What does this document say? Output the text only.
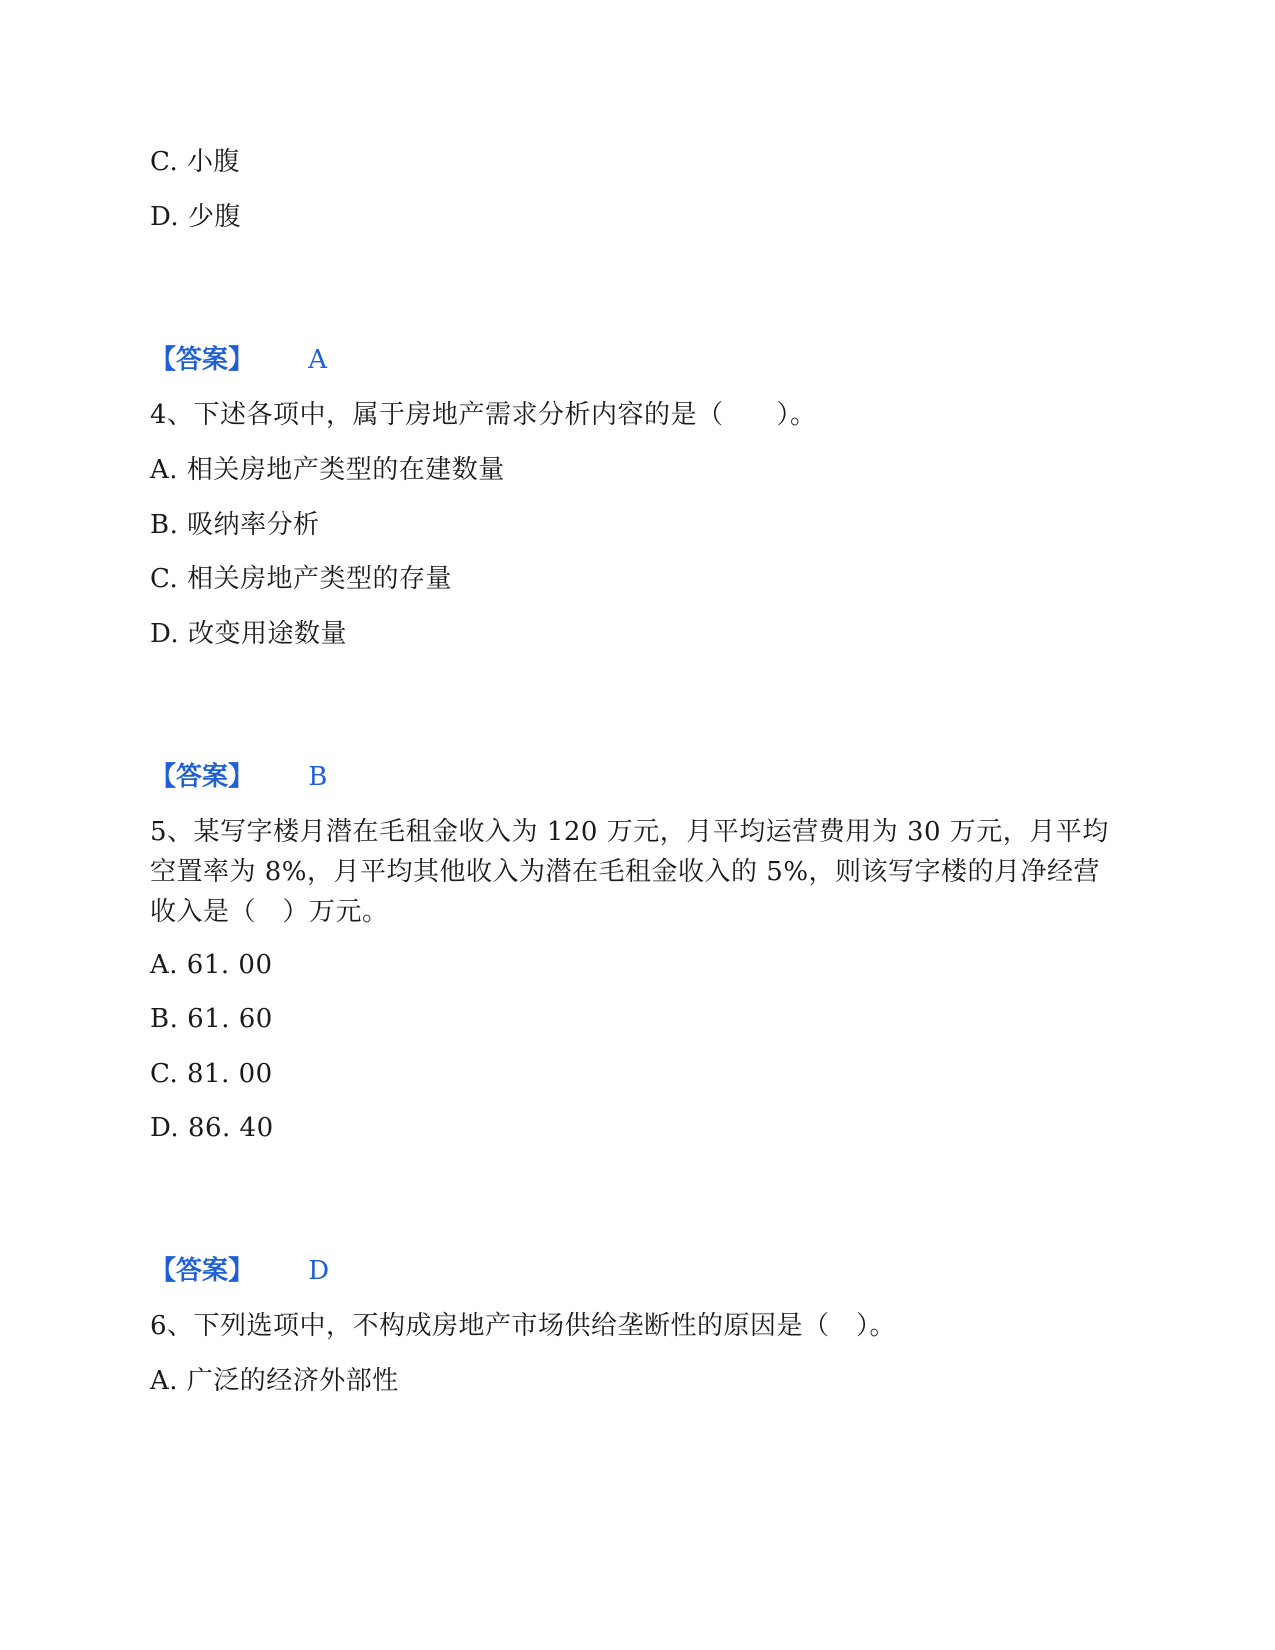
C. 小腹
D. 少腹
【答案】 A
4、下述各项中，属于房地产需求分析内容的是（　　）。
A. 相关房地产类型的在建数量
B. 吸纳率分析
C. 相关房地产类型的存量
D. 改变用途数量
【答案】 B
5、某写字楼月潜在毛租金收入为 120 万元，月平均运营费用为 30 万元，月平均空置率为 8%，月平均其他收入为潜在毛租金收入的 5%，则该写字楼的月净经营收入是（　）万元。
A. 61. 00
B. 61. 60
C. 81. 00
D. 86. 40
【答案】 D
6、下列选项中，不构成房地产市场供给垄断性的原因是（　）。
A. 广泛的经济外部性
